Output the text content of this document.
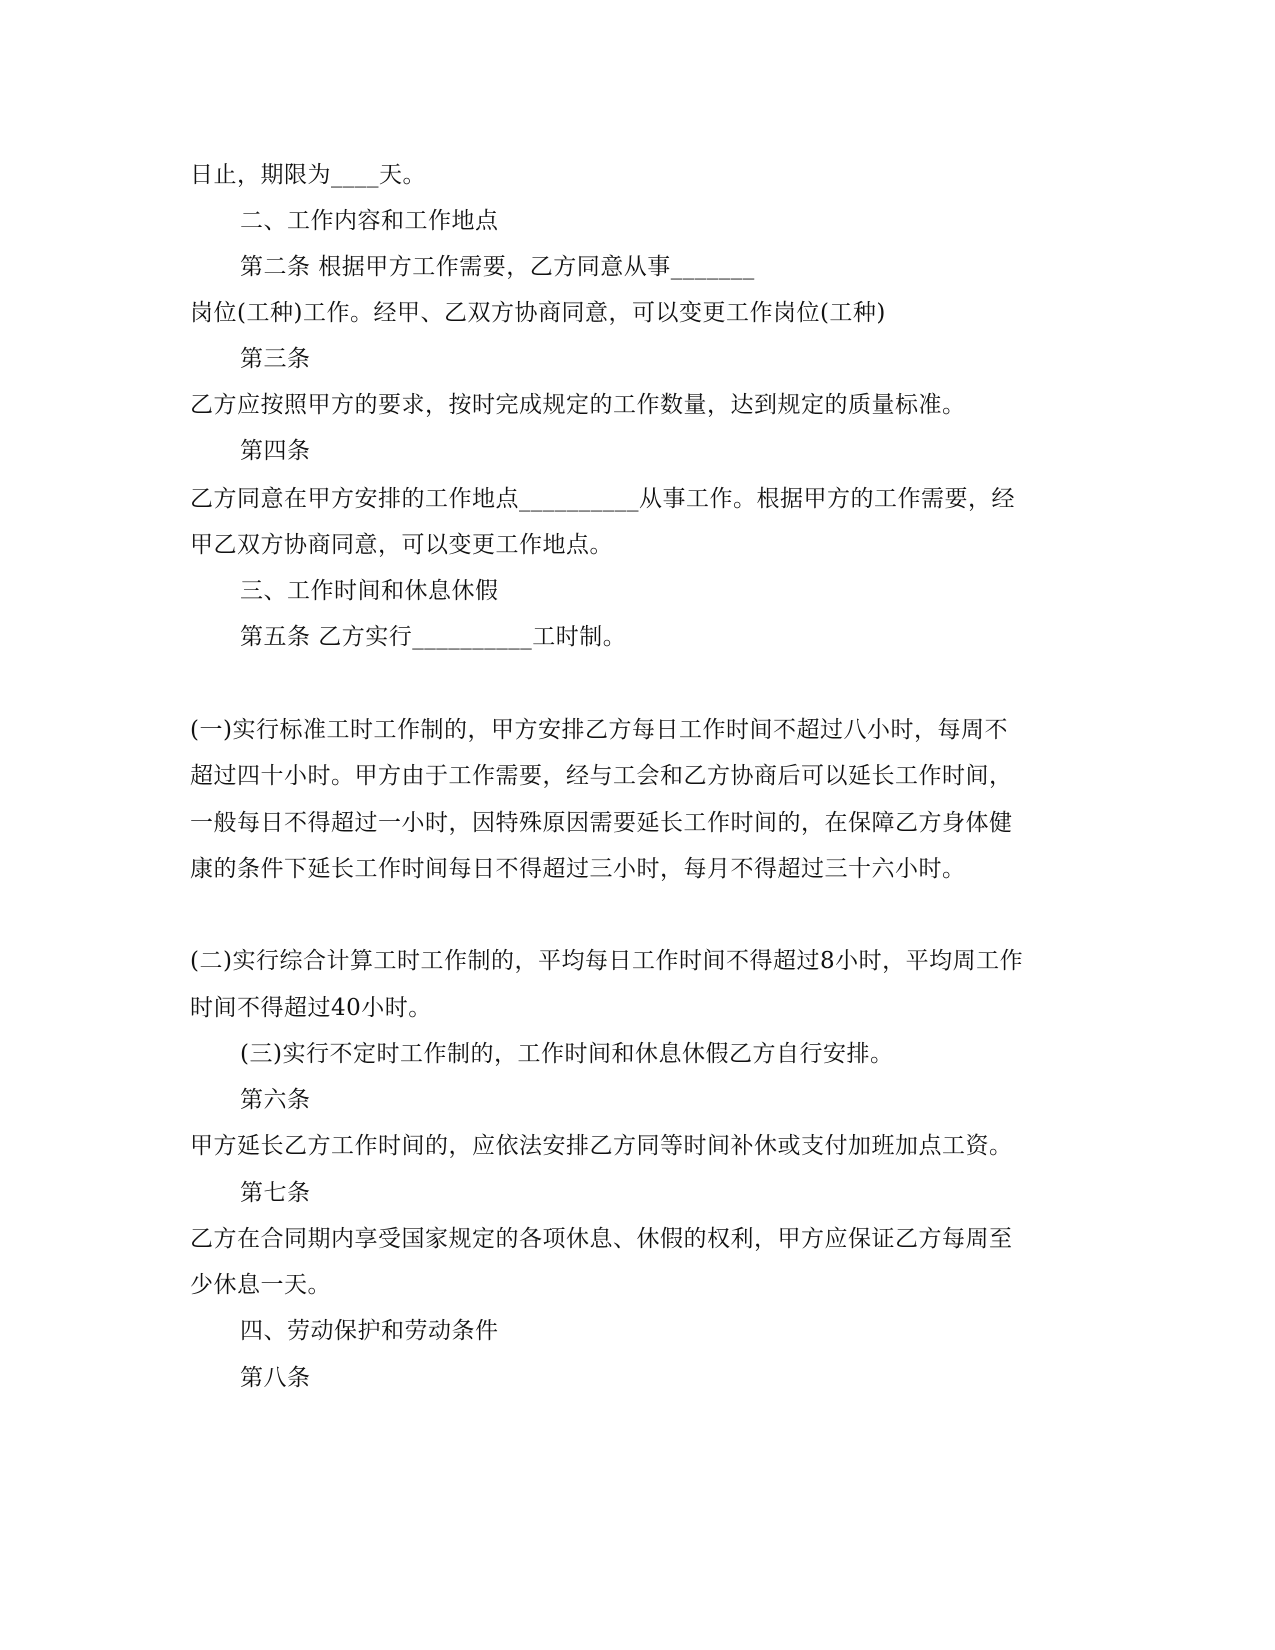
日止，期限为____天。
二、工作内容和工作地点
第二条 根据甲方工作需要，乙方同意从事_______
岗位(工种)工作。经甲、乙双方协商同意，可以变更工作岗位(工种)
第三条
乙方应按照甲方的要求，按时完成规定的工作数量，达到规定的质量标准。
第四条
乙方同意在甲方安排的工作地点__________从事工作。根据甲方的工作需要，经
甲乙双方协商同意，可以变更工作地点。
三、工作时间和休息休假
第五条 乙方实行__________工时制。
(一)实行标准工时工作制的，甲方安排乙方每日工作时间不超过八小时，每周不
超过四十小时。甲方由于工作需要，经与工会和乙方协商后可以延长工作时间，
一般每日不得超过一小时，因特殊原因需要延长工作时间的，在保障乙方身体健
康的条件下延长工作时间每日不得超过三小时，每月不得超过三十六小时。
(二)实行综合计算工时工作制的，平均每日工作时间不得超过8小时，平均周工作
时间不得超过40小时。
(三)实行不定时工作制的，工作时间和休息休假乙方自行安排。
第六条
甲方延长乙方工作时间的，应依法安排乙方同等时间补休或支付加班加点工资。
第七条
乙方在合同期内享受国家规定的各项休息、休假的权利，甲方应保证乙方每周至
少休息一天。
四、劳动保护和劳动条件
第八条
